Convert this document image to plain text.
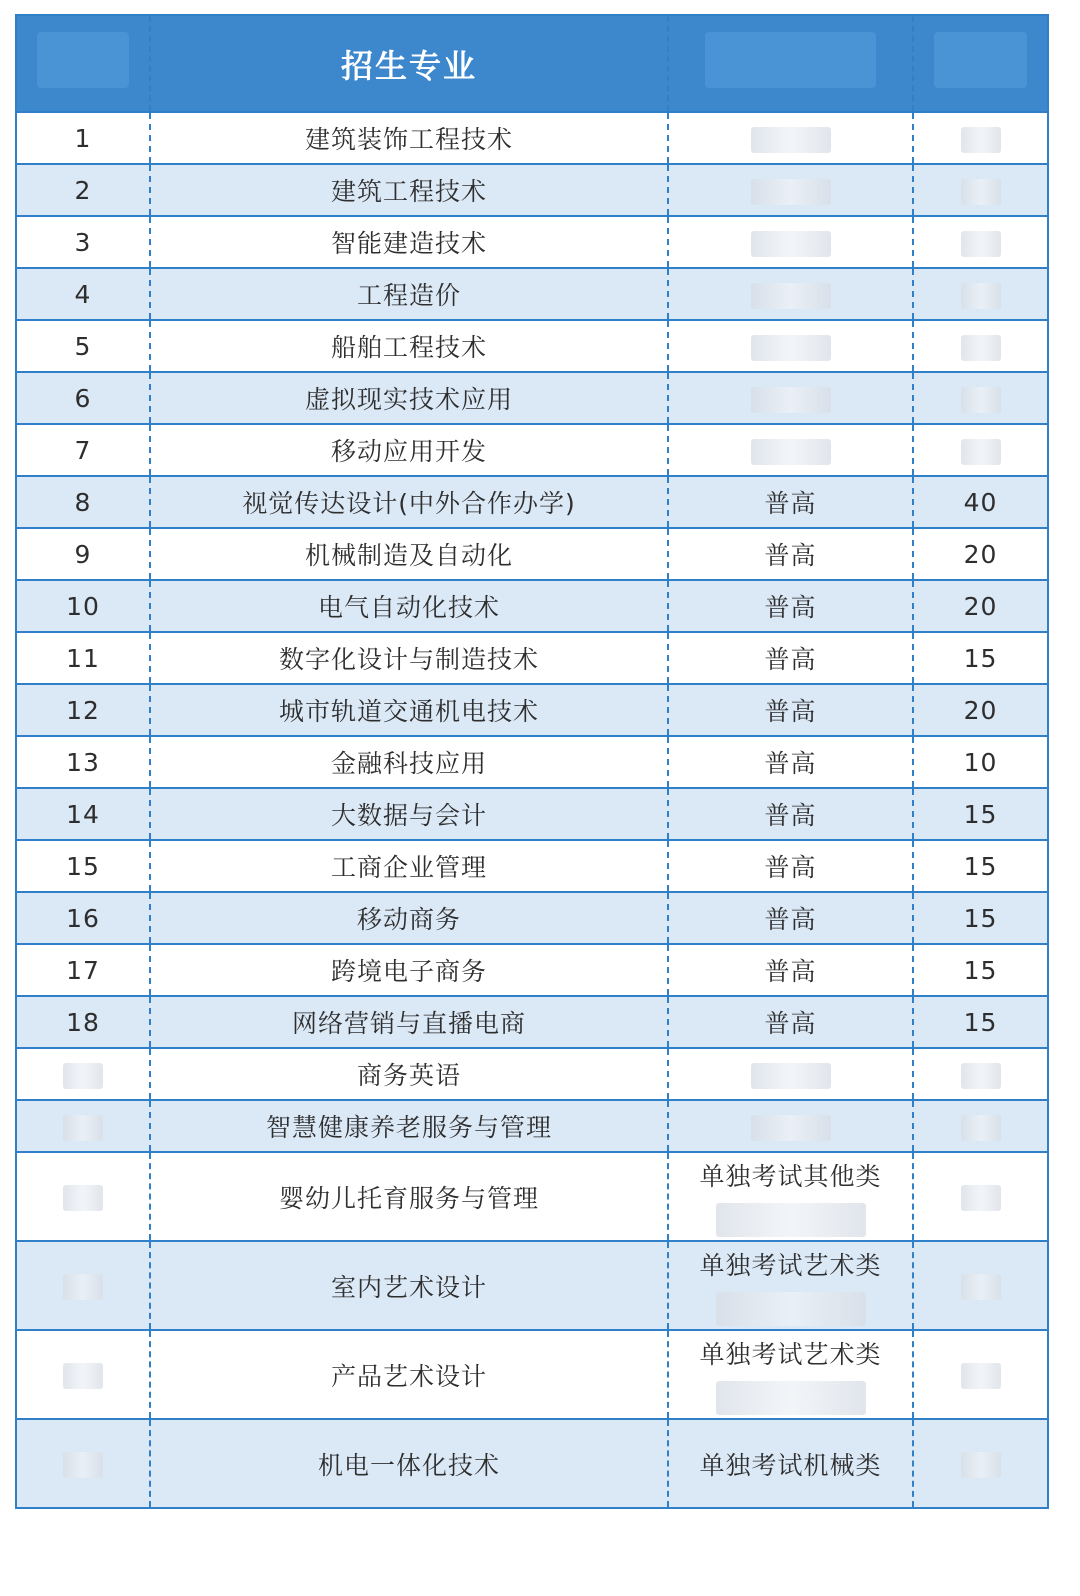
	招生专业		
1	建筑装饰工程技术		
2	建筑工程技术		
3	智能建造技术		
4	工程造价		
5	船舶工程技术		
6	虚拟现实技术应用		
7	移动应用开发		
8	视觉传达设计(中外合作办学)	普高	40
9	机械制造及自动化	普高	20
10	电气自动化技术	普高	20
11	数字化设计与制造技术	普高	15
12	城市轨道交通机电技术	普高	20
13	金融科技应用	普高	10
14	大数据与会计	普高	15
15	工商企业管理	普高	15
16	移动商务	普高	15
17	跨境电子商务	普高	15
18	网络营销与直播电商	普高	15
	商务英语		
	智慧健康养老服务与管理		
	婴幼儿托育服务与管理	单独考试其他类	

	室内艺术设计	单独考试艺术类	

	产品艺术设计	单独考试艺术类	

	机电一体化技术	单独考试机械类	
